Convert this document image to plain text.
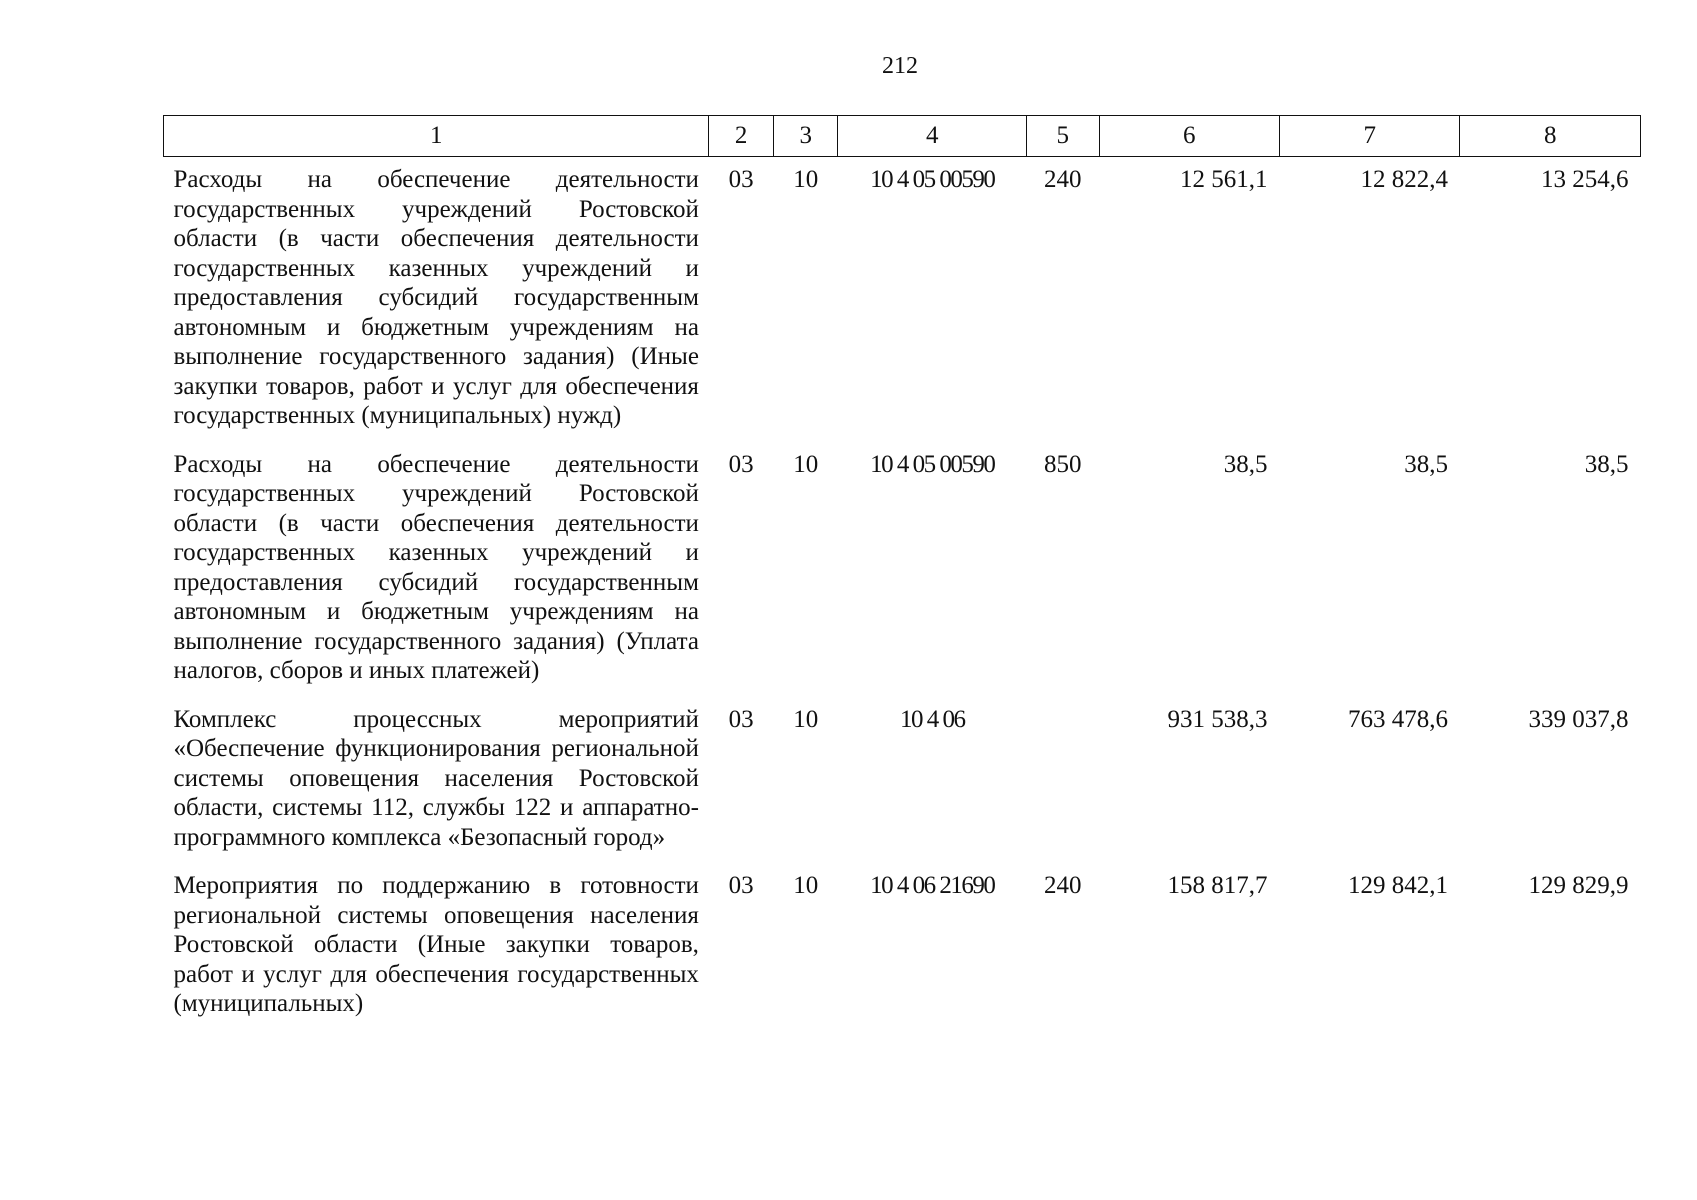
212
1	2	3	4	5	6	7	8
Расходы на обеспечение деятельности государственных учреждений Ростовской области (в части обеспечения деятельности государственных казенных учреждений и предоставления субсидий государственным автономным и бюджетным учреждениям на выполнение государственного задания) (Иные закупки товаров, работ и услуг для обеспечения государственных (муниципальных) нужд)	03	10	10 4 05 00590	240	12 561,1	12 822,4	13 254,6
Расходы на обеспечение деятельности государственных учреждений Ростовской области (в части обеспечения деятельности государственных казенных учреждений и предоставления субсидий государственным автономным и бюджетным учреждениям на выполнение государственного задания) (Уплата налогов, сборов и иных платежей)	03	10	10 4 05 00590	850	38,5	38,5	38,5
Комплекс процессных мероприятий «Обеспечение функционирования региональной системы оповещения населения Ростовской области, системы 112, службы 122 и аппаратно-программного комплекса «Безопасный город»	03	10	10 4 06		931 538,3	763 478,6	339 037,8
Мероприятия по поддержанию в готовности региональной системы оповещения населения Ростовской области (Иные закупки товаров, работ и услуг для обеспечения государственных (муниципальных)	03	10	10 4 06 21690	240	158 817,7	129 842,1	129 829,9
